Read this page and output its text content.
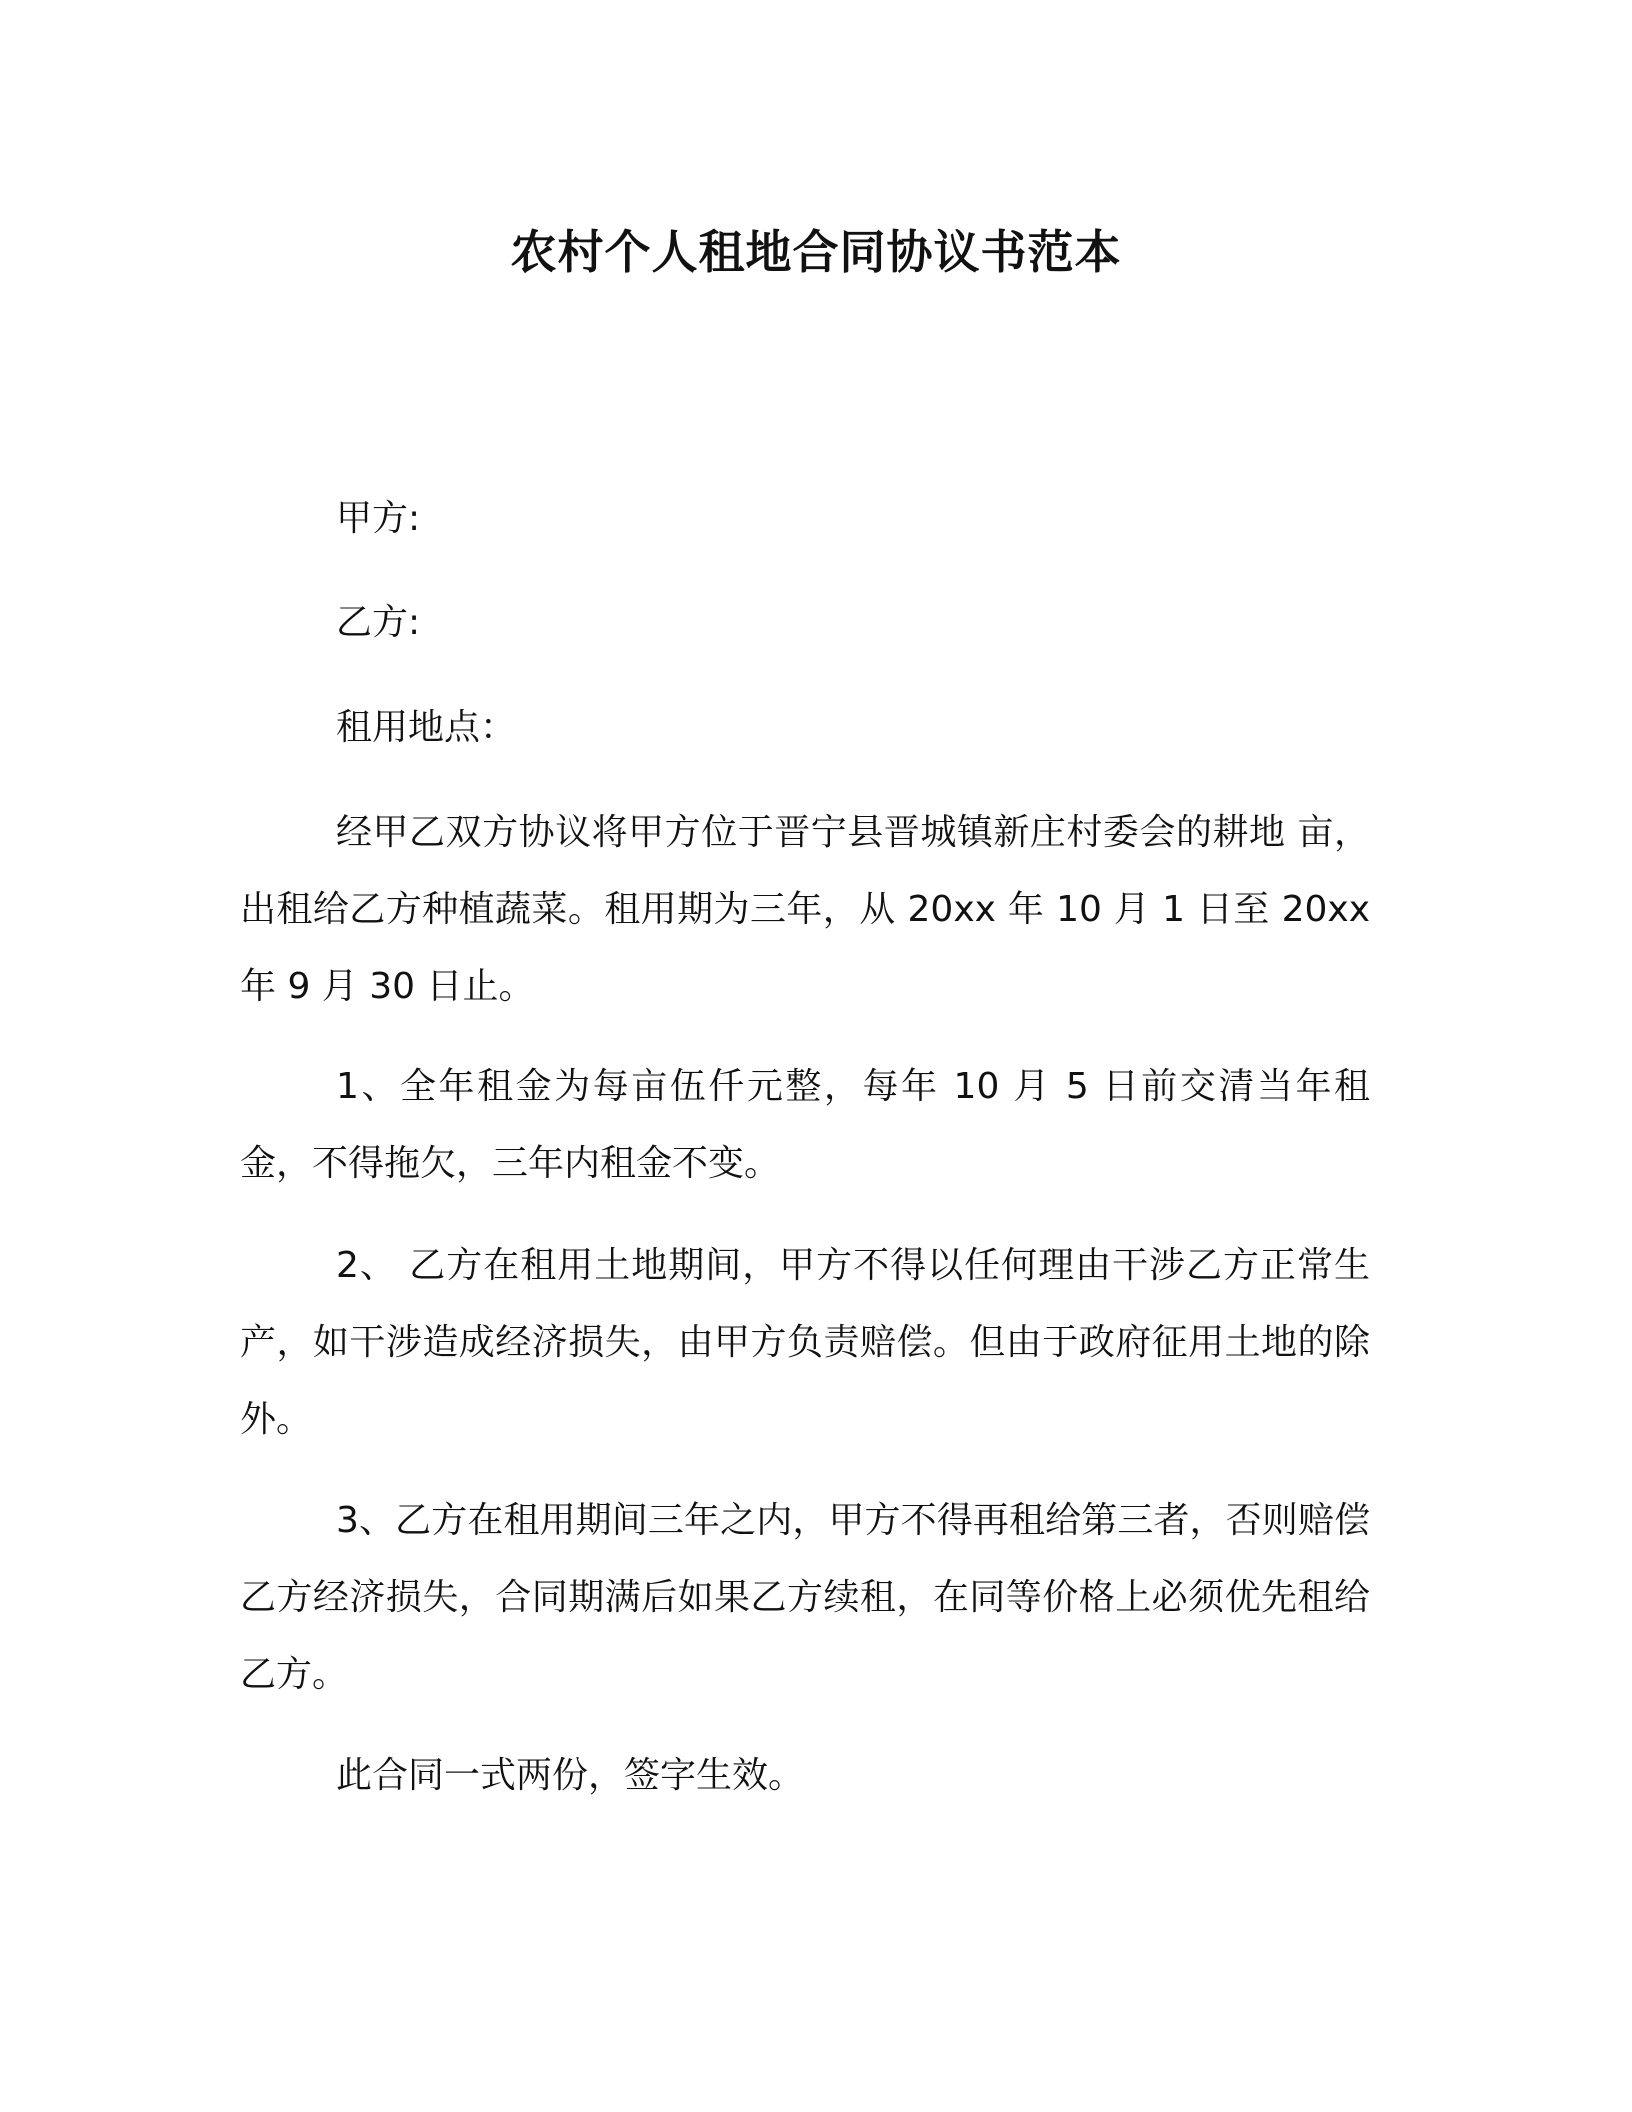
农村个人租地合同协议书范本

甲方:

乙方:

租用地点：

经甲乙双方协议将甲方位于晋宁县晋城镇新庄村委会的耕地 亩，出租给乙方种植蔬菜。租用期为三年，从 20xx 年 10 月 1 日至 20xx 年 9 月 30 日止。

1、全年租金为每亩伍仟元整，每年 10 月 5 日前交清当年租金，不得拖欠，三年内租金不变。

2、 乙方在租用土地期间，甲方不得以任何理由干涉乙方正常生产，如干涉造成经济损失，由甲方负责赔偿。但由于政府征用土地的除外。

3、乙方在租用期间三年之内，甲方不得再租给第三者，否则赔偿乙方经济损失，合同期满后如果乙方续租，在同等价格上必须优先租给乙方。

此合同一式两份，签字生效。
